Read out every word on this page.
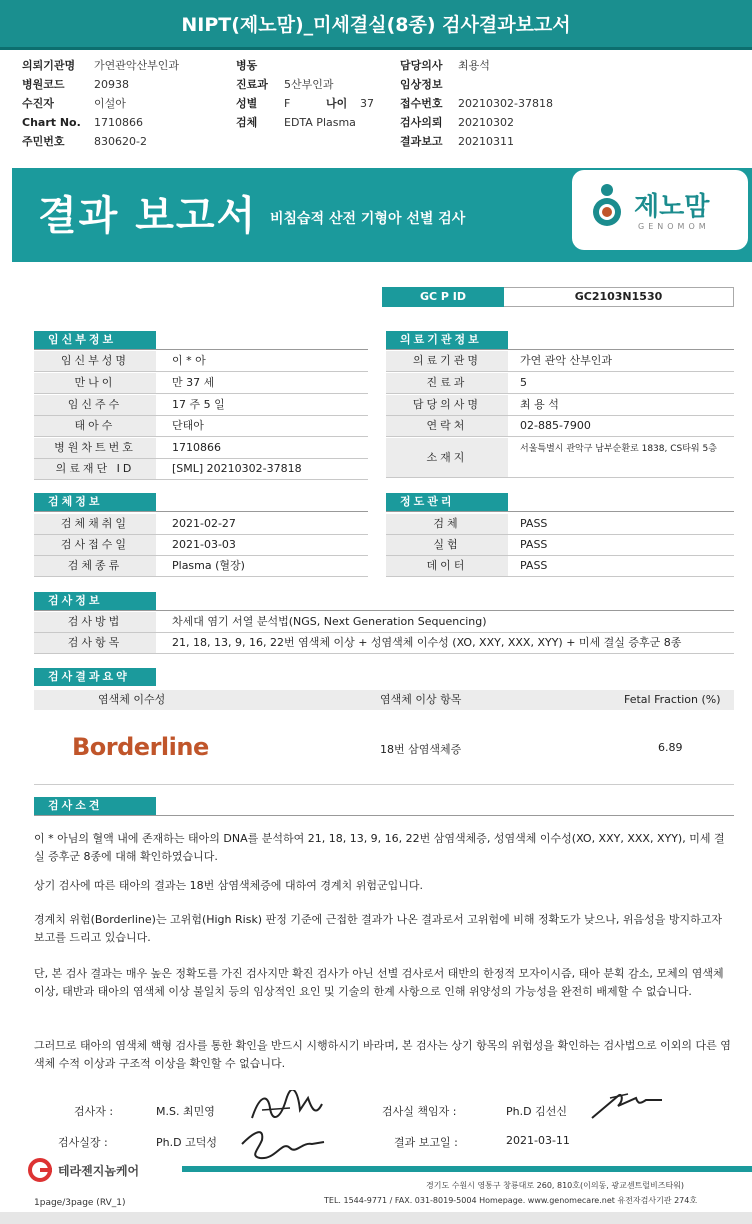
NIPT(제노맘)_미세결실(8종) 검사결과보고서
의뢰기관명 가연관악산부인과
병원코드	20938
수진자	이설아
Chart No. 1710866
주민번호	830620-2
병동
진료과 5산부인과
성별 F	나이 37
검체 EDTA Plasma
담당의사 최용석
임상정보
접수번호 20210302-37818
검사의뢰 20210302
결과보고 20210311
결과 보고서 비침습적 산전 기형아 선별 검사	제노맘
GENOMOM
GC P ID	GC2103N1530
임신부정보
임신부성명	이 * 아
만나이	만 37 세
임신주수	17 주 5 일
태아수	단태아
병원차트번호	1710866
의료재단 ID	[SML] 20210302-37818
의료기관정보
의료기관명	가연 관악 산부인과
진료과	5
담당의사명	최 용 석
연락처	02-885-7900
소재지
서울특별시 관악구 남부순환로 1838, CS타워 5층
검체정보
검체채취일	2021-02-27
검사접수일	2021-03-03
검체종류	Plasma (혈장)
정도관리
검체	PASS
실험	PASS
데이터	PASS
검사정보
검사방법	차세대 염기 서열 분석법(NGS, Next Generation Sequencing)
검사항목	21, 18, 13, 9, 16, 22번 염색체 이상 + 성염색체 이수성 (XO, XXY, XXX, XYY) + 미세 결실 증후군 8종
검사결과요약
염색체 이수성	염색체 이상 항목	Fetal Fraction (%)
Borderline	18번 삼염색체증	6.89
검사소견
이 * 아님의 혈액 내에 존재하는 태아의 DNA를 분석하여 21, 18, 13, 9, 16, 22번 삼염색체증, 성염색체 이수성(XO, XXY, XXX, XYY), 미세 결실 증후군 8종에 대해 확인하였습니다.
상기 검사에 따른 태아의 결과는 18번 삼염색체증에 대하여 경계치 위험군입니다.
경계치 위험(Borderline)는 고위험(High Risk) 판정 기준에 근접한 결과가 나온 결과로서 고위험에 비해 정확도가 낮으나, 위음성을 방지하고자 보고를 드리고 있습니다.
단, 본 검사 결과는 매우 높은 정확도를 가진 검사지만 확진 검사가 아닌 선별 검사로서 태반의 한정적 모자이시즘, 태아 분획 감소, 모체의 염색체 이상, 태반과 태아의 염색체 이상 불일치 등의 임상적인 요인 및 기술의 한계 사항으로 인해 위양성의 가능성을 완전히 배제할 수 없습니다.
그러므로 태아의 염색체 핵형 검사를 통한 확인을 반드시 시행하시기 바라며, 본 검사는 상기 항목의 위험성을 확인하는 검사법으로 이외의 다른 염색체 수적 이상과 구조적 이상을 확인할 수 없습니다.
검사자 :	M.S. 최민영	검사실 책임자 :	Ph.D 김선신
검사실장 :	Ph.D 고덕성	결과 보고일 :	2021-03-11
테라젠지놈케어
경기도 수원시 영통구 창룡대로 260, 810호(이의동, 광교센트럴비즈타워)
TEL. 1544-9771 / FAX. 031-8019-5004 Homepage. www.genomecare.net 유전자검사기관 274호
1page/3page (RV_1)
